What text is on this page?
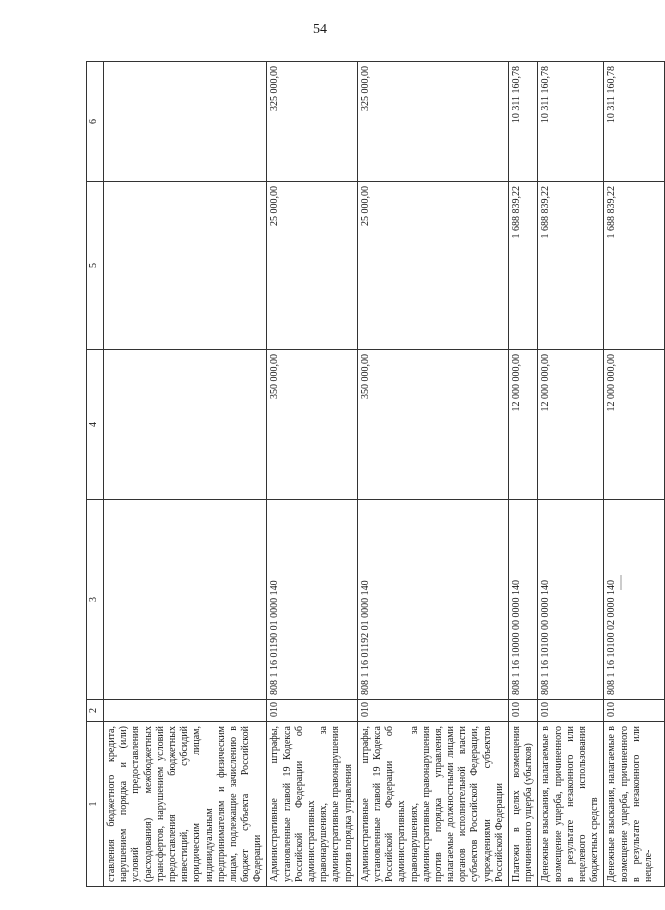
54
1	2	3	4	5	6
ставления бюджетного кредита, нарушением порядка и (или) условий предоставления (расходования) межбюджетных трансфертов, нарушением условий предоставления бюджетных инвестиций, субсидий юридическим лицам, индивидуальным предпринимателям и физическим лицам, подлежащие зачислению в бюджет субъекта Российской Федерации					
Административные штрафы, установленные главой 19 Кодекса Российской Федерации об административных правонарушениях, за административные правонарушения против порядка управления	010	808 1 16 01190 01 0000 140	350 000,00	25 000,00	325 000,00
Административные штрафы, установленные главой 19 Кодекса Российской Федерации об административных правонарушениях, за административные правонарушения против порядка управления, налагаемые должностными лицами органов исполнительной власти субъектов Российской Федерации, учреждениями субъектов Российской Федерации	010	808 1 16 01192 01 0000 140	350 000,00	25 000,00	325 000,00
Платежи в целях возмещения причиненного ущерба (убытков)	010	808 1 16 10000 00 0000 140	12 000 000,00	1 688 839,22	10 311 160,78
Денежные взыскания, налагаемые в возмещение ущерба, причиненного в результате незаконного или нецелевого использования бюджетных средств	010	808 1 16 10100 00 0000 140	12 000 000,00	1 688 839,22	10 311 160,78
Денежные взыскания, налагаемые в возмещение ущерба, причиненного в результате незаконного или нецеле-	010	808 1 16 10100 02 0000 140	12 000 000,00	1 688 839,22	10 311 160,78
